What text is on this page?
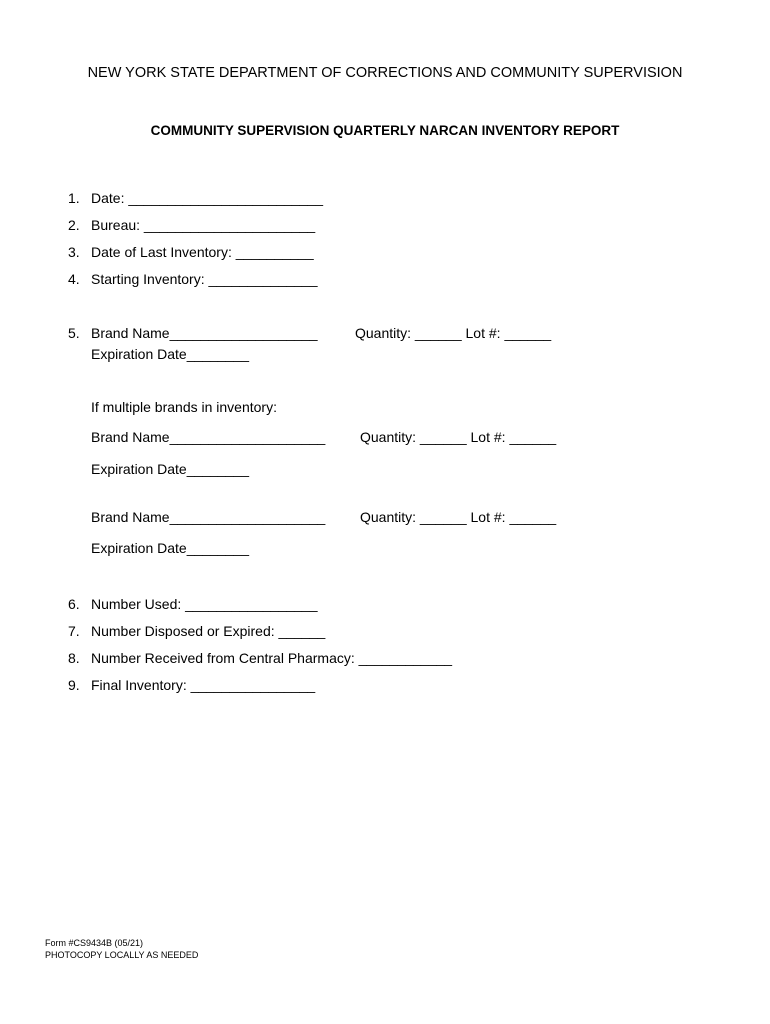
NEW YORK STATE DEPARTMENT OF CORRECTIONS AND COMMUNITY SUPERVISION
COMMUNITY SUPERVISION QUARTERLY NARCAN INVENTORY REPORT
1. Date: _________________________
2. Bureau: ______________________
3. Date of Last Inventory: __________
4. Starting Inventory: ______________
5. Brand Name___________________	Quantity: ______ Lot #: ______
Expiration Date________
If multiple brands in inventory:
Brand Name____________________ Quantity: ______ Lot #: ______
Expiration Date________
Brand Name____________________ Quantity: ______ Lot #: ______
Expiration Date________
6. Number Used: _________________
7. Number Disposed or Expired: ______
8. Number Received from Central Pharmacy: ____________
9. Final Inventory: ________________
Form #CS9434B (05/21)
PHOTOCOPY LOCALLY AS NEEDED
